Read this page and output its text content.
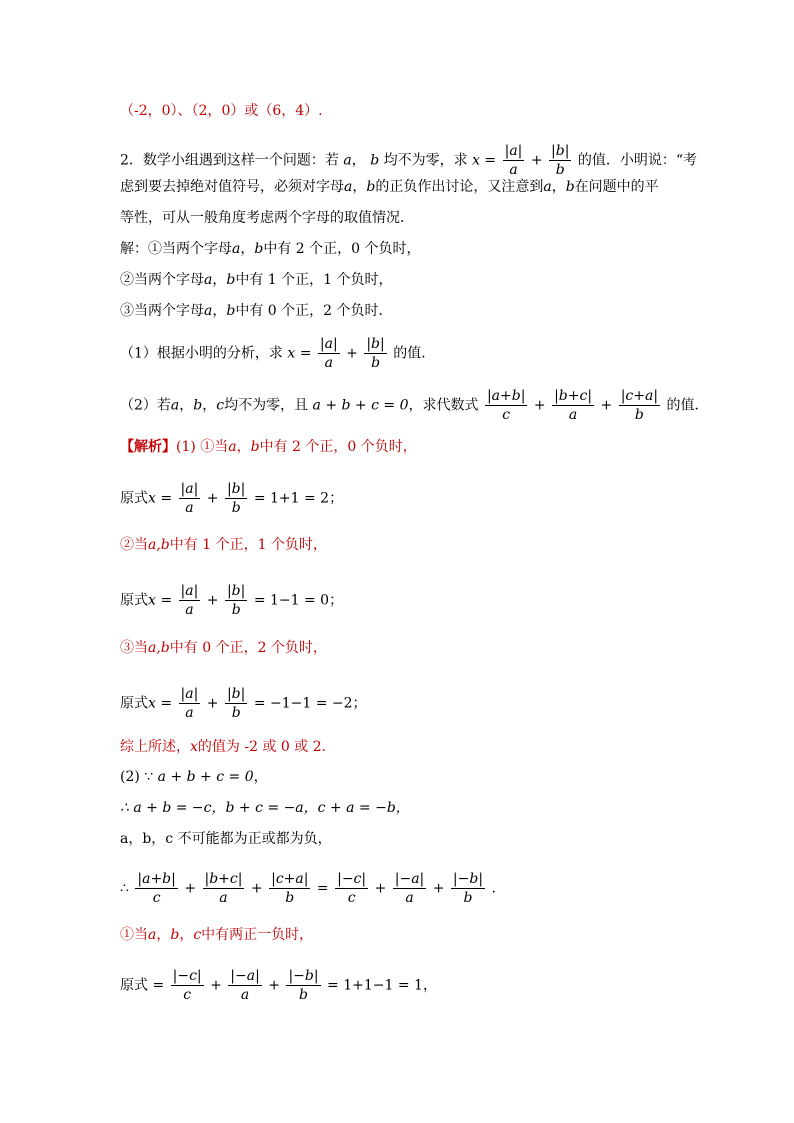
（-2，0）、（2，0）或（6，4）.
2．数学小组遇到这样一个问题：若 a， b 均不为零，求 $x = \frac{|a|}{a} + \frac{|b|}{b}$ 的值．小明说：“考
虑到要去掉绝对值符号，必须对字母a，b的正负作出讨论，又注意到a，b在问题中的平
等性，可从一般角度考虑两个字母的取值情况．
解：①当两个字母a，b中有 2 个正，0 个负时，
②当两个字母a，b中有 1 个正，1 个负时，
③当两个字母a，b中有 0 个正，2 个负时．
（1）根据小明的分析，求 $x = \frac{|a|}{a} + \frac{|b|}{b}$ 的值．
（2）若a，b，c均不为零，且 a + b + c = 0，求代数式 $\frac{|a+b|}{c} + \frac{|b+c|}{a} + \frac{|c+a|}{b}$ 的值．
【解析】(1) ①当a，b中有 2 个正，0 个负时，
原式$x = \frac{|a|}{a} + \frac{|b|}{b} = 1+1 = 2$；
②当a,b中有 1 个正，1 个负时，
原式$x = \frac{|a|}{a} + \frac{|b|}{b} = 1-1 = 0$；
③当a,b中有 0 个正，2 个负时，
原式$x = \frac{|a|}{a} + \frac{|b|}{b} = -1-1 = -2$；
综上所述，x的值为 -2 或 0 或 2.
(2) ∵ a + b + c = 0，
∴ a + b = −c，b + c = −a，c + a = −b，
a，b，c 不可能都为正或都为负，
∴ $\frac{|a+b|}{c} + \frac{|b+c|}{a} + \frac{|c+a|}{b} = \frac{|-c|}{c} + \frac{|-a|}{a} + \frac{|-b|}{b}$ .
①当a，b，c中有两正一负时，
原式 = $\frac{|-c|}{c} + \frac{|-a|}{a} + \frac{|-b|}{b} = 1+1-1 = 1$，
